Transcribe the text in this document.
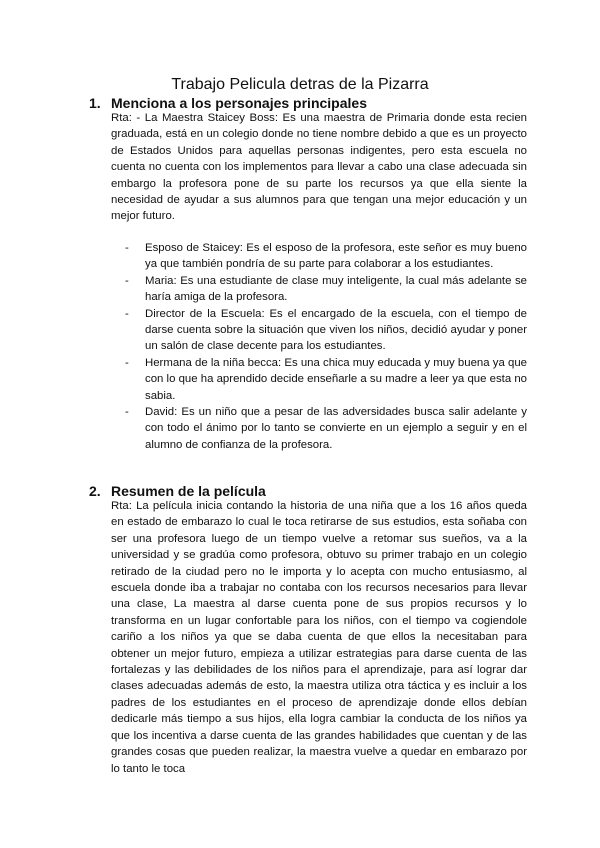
Trabajo Pelicula detras de la Pizarra
1. Menciona a los personajes principales

Rta: - La Maestra Staicey Boss: Es una maestra de Primaria donde esta recien graduada, está en un colegio donde no tiene nombre debido a que es un proyecto de Estados Unidos para aquellas personas indigentes, pero esta escuela no cuenta no cuenta con los implementos para llevar a cabo una clase adecuada sin embargo la profesora pone de su parte los recursos ya que ella siente la necesidad de ayudar a sus alumnos para que tengan una mejor educación y un mejor futuro.

- Esposo de Staicey: Es el esposo de la profesora, este señor es muy bueno ya que también pondría de su parte para colaborar a los estudiantes.
- Maria: Es una estudiante de clase muy inteligente, la cual más adelante se haría amiga de la profesora.
- Director de la Escuela: Es el encargado de la escuela, con el tiempo de darse cuenta sobre la situación que viven los niños, decidió ayudar y poner un salón de clase decente para los estudiantes.
- Hermana de la niña becca: Es una chica muy educada y muy buena ya que con lo que ha aprendido decide enseñarle a su madre a leer ya que esta no sabia.
- David: Es un niño que a pesar de las adversidades busca salir adelante y con todo el ánimo por lo tanto se convierte en un ejemplo a seguir y en el alumno de confianza de la profesora.
2. Resumen de la película

Rta: La película inicia contando la historia de una niña que a los 16 años queda en estado de embarazo lo cual le toca retirarse de sus estudios, esta soñaba con ser una profesora luego de un tiempo vuelve a retomar sus sueños, va a la universidad y se gradúa como profesora, obtuvo su primer trabajo en un colegio retirado de la ciudad pero no le importa y lo acepta con mucho entusiasmo, al escuela donde iba a trabajar no contaba con los recursos necesarios para llevar una clase, La maestra al darse cuenta pone de sus propios recursos y lo transforma en un lugar confortable para los niños, con el tiempo va cogiendole cariño a los niños ya que se daba cuenta de que ellos la necesitaban para obtener un mejor futuro, empieza a utilizar estrategias para darse cuenta de las fortalezas y las debilidades de los niños para el aprendizaje, para así lograr dar clases adecuadas además de esto, la maestra utiliza otra táctica y es incluir a los padres de los estudiantes en el proceso de aprendizaje donde ellos debían dedicarle más tiempo a sus hijos, ella logra cambiar la conducta de los niños ya que los incentiva a darse cuenta de las grandes habilidades que cuentan y de las grandes cosas que pueden realizar, la maestra vuelve a quedar en embarazo por lo tanto le toca
